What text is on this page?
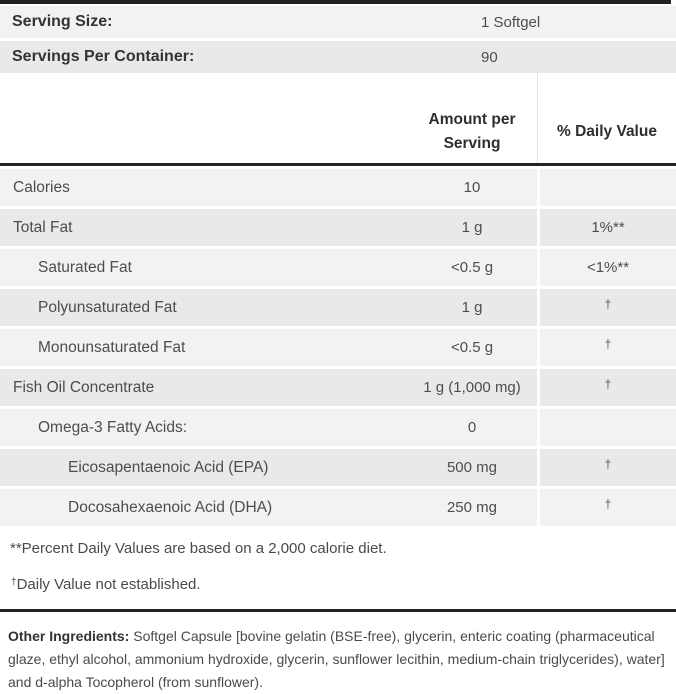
Serving Size:	1 Softgel
Servings Per Container:	90
Amount per
Serving
% Daily Value
Calories	10
Total Fat	1 g	1%**
Saturated Fat	<0.5 g	<1%**
Polyunsaturated Fat	1 g	†
Monounsaturated Fat	<0.5 g	†
Fish Oil Concentrate	1 g (1,000 mg)	†
Omega-3 Fatty Acids:	0
Eicosapentaenoic Acid (EPA)	500 mg	†
Docosahexaenoic Acid (DHA)	250 mg	†
**Percent Daily Values are based on a 2,000 calorie diet.
†Daily Value not established.

Other Ingredients: Softgel Capsule [bovine gelatin (BSE-free), glycerin, enteric coating (pharmaceutical glaze, ethyl alcohol, ammonium hydroxide, glycerin, sunflower lecithin, medium-chain triglycerides), water] and d-alpha Tocopherol (from sunflower).
